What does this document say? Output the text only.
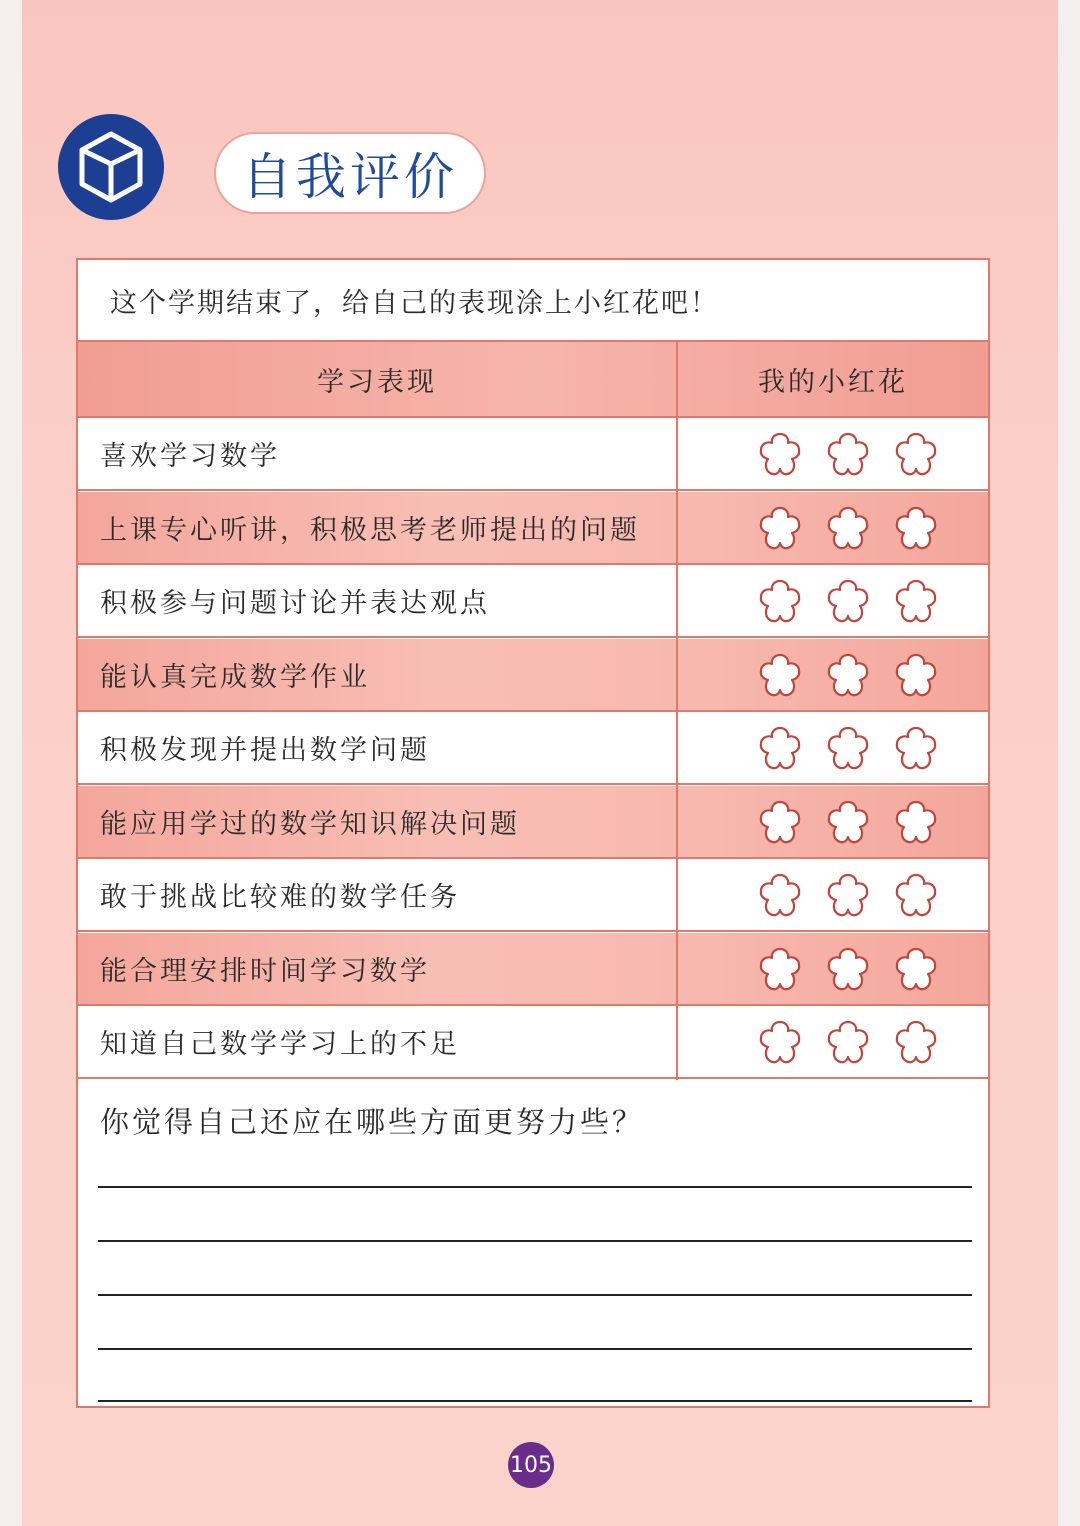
自我评价
这个学期结束了，给自己的表现涂上小红花吧！
学习表现	我的小红花
喜欢学习数学
上课专心听讲，积极思考老师提出的问题
积极参与问题讨论并表达观点
能认真完成数学作业
积极发现并提出数学问题
能应用学过的数学知识解决问题
敢于挑战比较难的数学任务
能合理安排时间学习数学
知道自己数学学习上的不足
你觉得自己还应在哪些方面更努力些？
105
